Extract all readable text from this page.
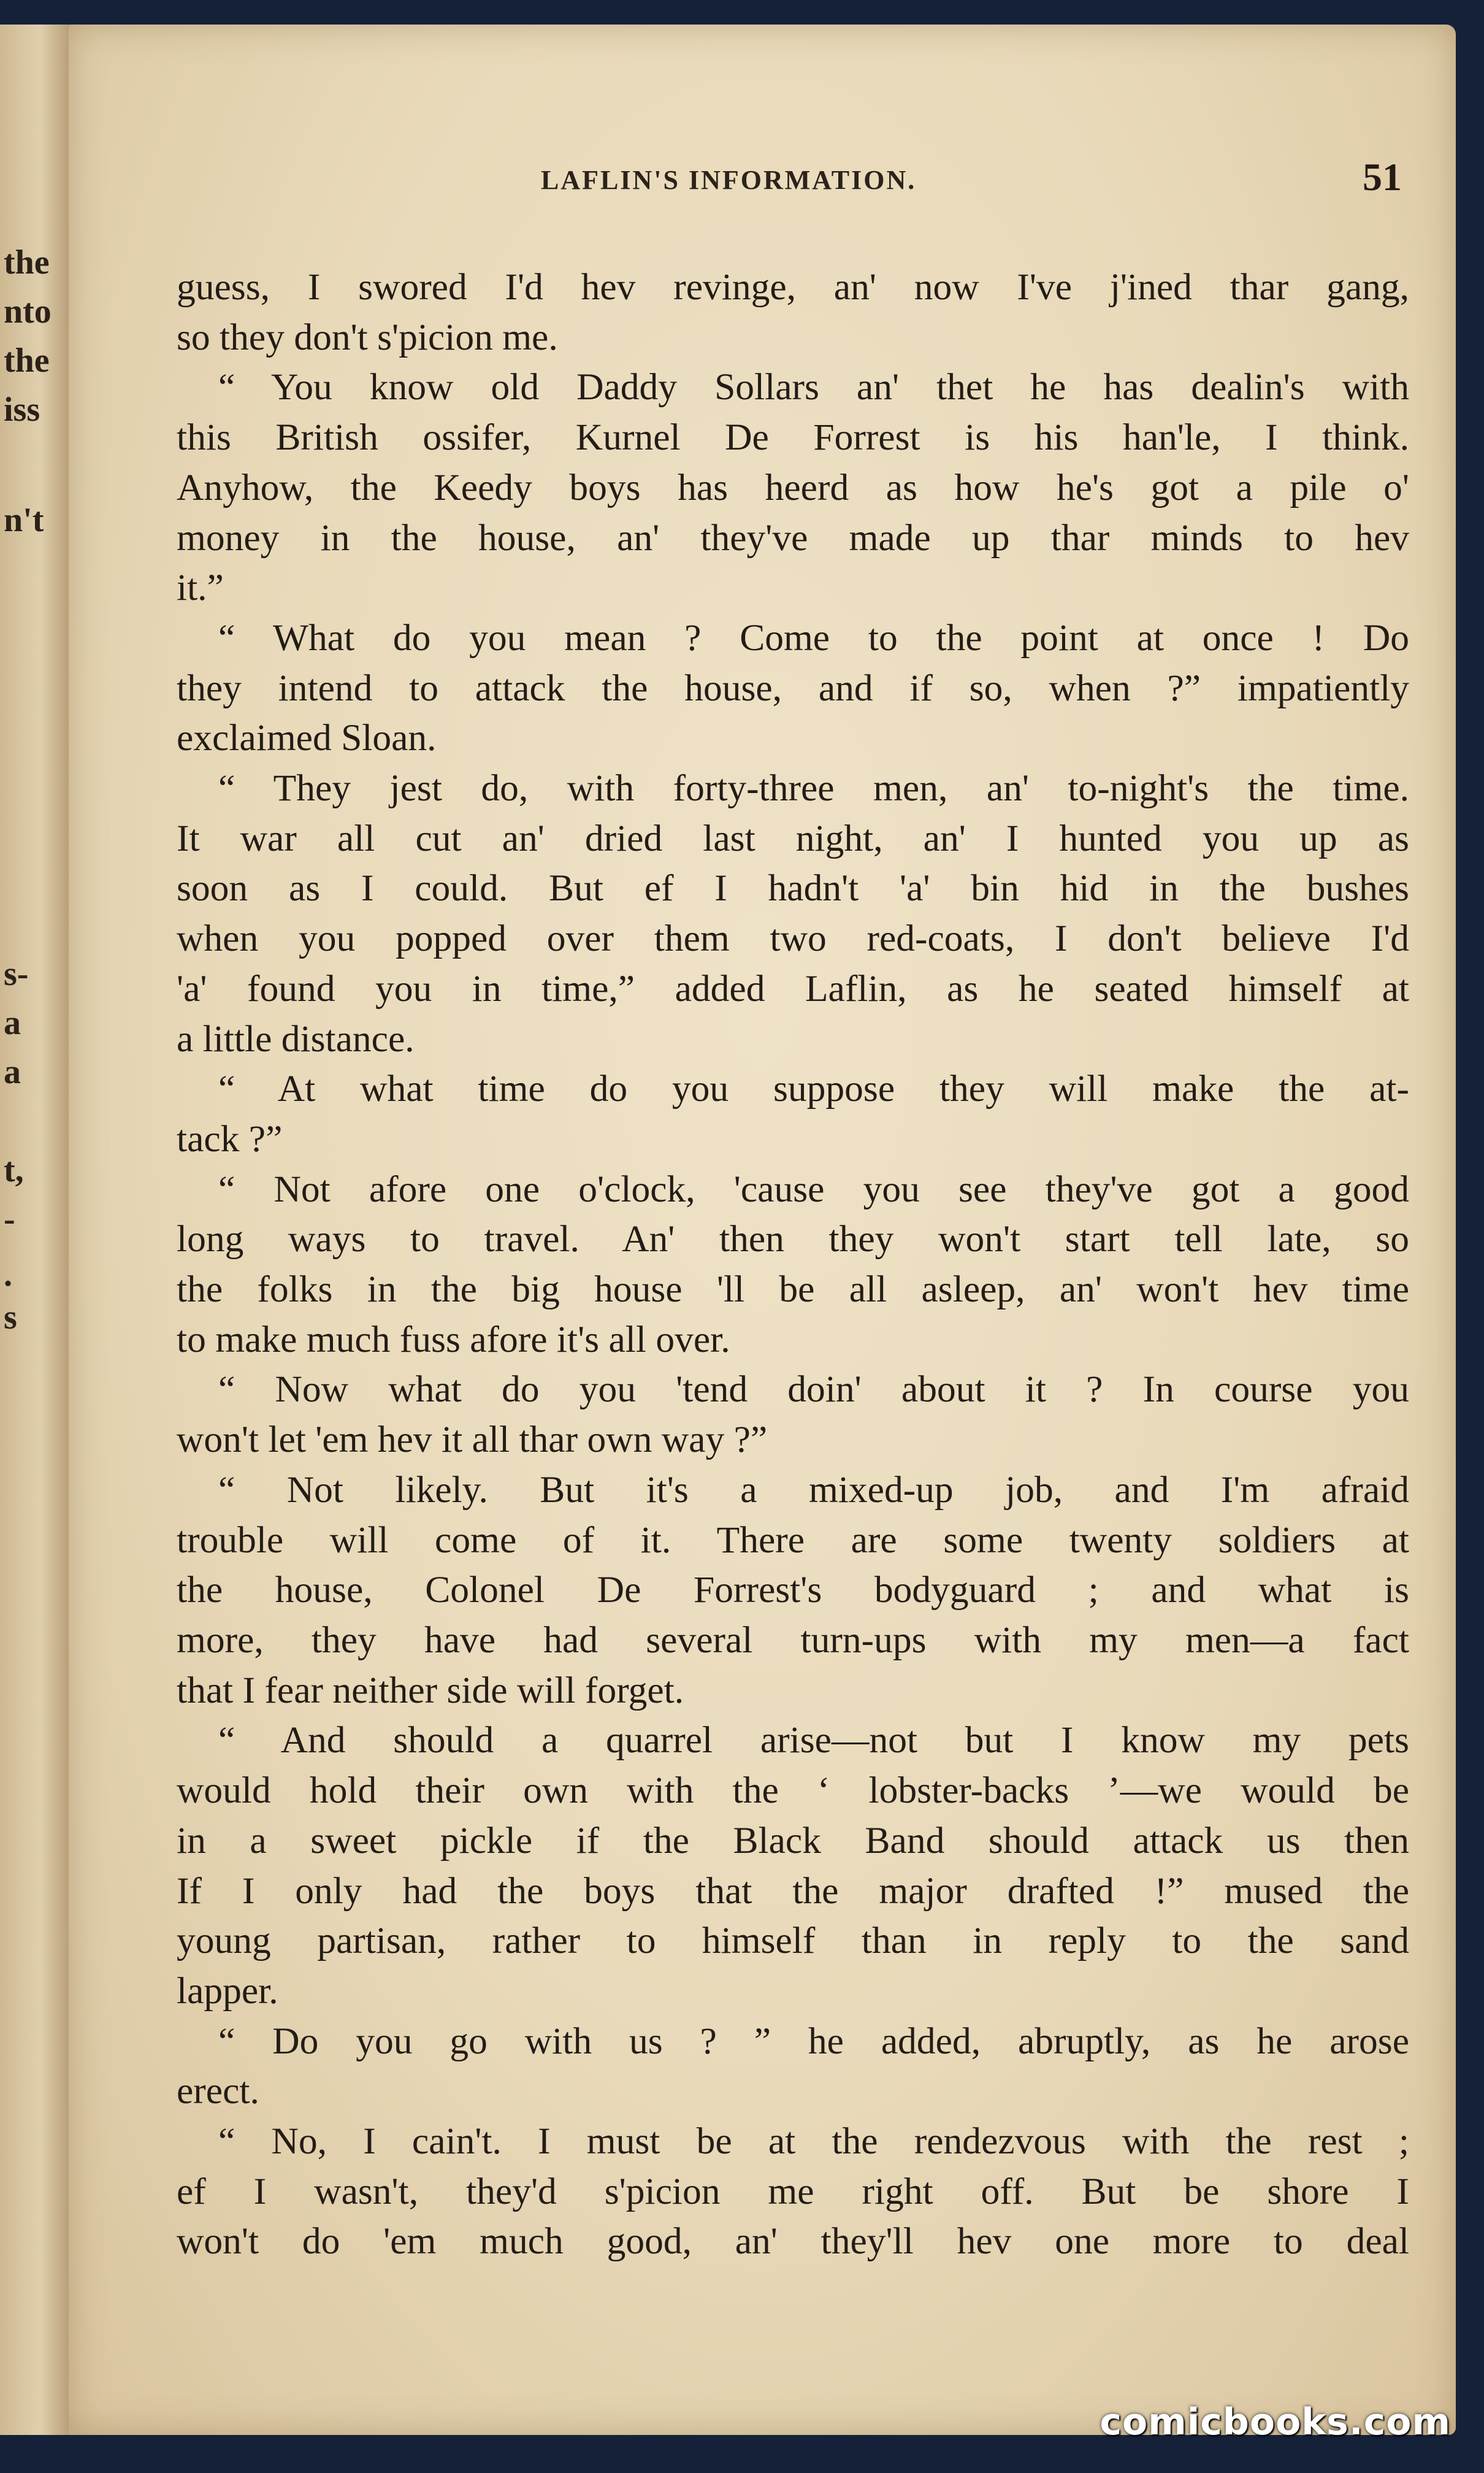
the
nto
the
iss
n't
s-
a
a
t,
-
.
s
LAFLIN'S INFORMATION.	51
guess, I swored I'd hev revinge, an' now I've j'ined thar gang,
so they don't s'picion me.
“ You know old Daddy Sollars an' thet he has dealin's with
this British ossifer, Kurnel De Forrest is his han'le, I think.
Anyhow, the Keedy boys has heerd as how he's got a pile o'
money in the house, an' they've made up thar minds to hev
it.”
“ What do you mean ? Come to the point at once ! Do
they intend to attack the house, and if so, when ?” impatiently
exclaimed Sloan.
“ They jest do, with forty-three men, an' to-night's the time.
It war all cut an' dried last night, an' I hunted you up as
soon as I could. But ef I hadn't 'a' bin hid in the bushes
when you popped over them two red-coats, I don't believe I'd
'a' found you in time,” added Laflin, as he seated himself at
a little distance.
“ At what time do you suppose they will make the at-
tack ?”
“ Not afore one o'clock, 'cause you see they've got a good
long ways to travel. An' then they won't start tell late, so
the folks in the big house 'll be all asleep, an' won't hev time
to make much fuss afore it's all over.
“ Now what do you 'tend doin' about it ? In course you
won't let 'em hev it all thar own way ?”
“ Not likely. But it's a mixed-up job, and I'm afraid
trouble will come of it. There are some twenty soldiers at
the house, Colonel De Forrest's bodyguard ; and what is
more, they have had several turn-ups with my men—a fact
that I fear neither side will forget.
“ And should a quarrel arise—not but I know my pets
would hold their own with the ‘ lobster-backs ’—we would be
in a sweet pickle if the Black Band should attack us then
If I only had the boys that the major drafted !” mused the
young partisan, rather to himself than in reply to the sand
lapper.
“ Do you go with us ? ” he added, abruptly, as he arose
erect.
“ No, I cain't. I must be at the rendezvous with the rest ;
ef I wasn't, they'd s'picion me right off. But be shore I
won't do 'em much good, an' they'll hev one more to deal
comicbooks.com
